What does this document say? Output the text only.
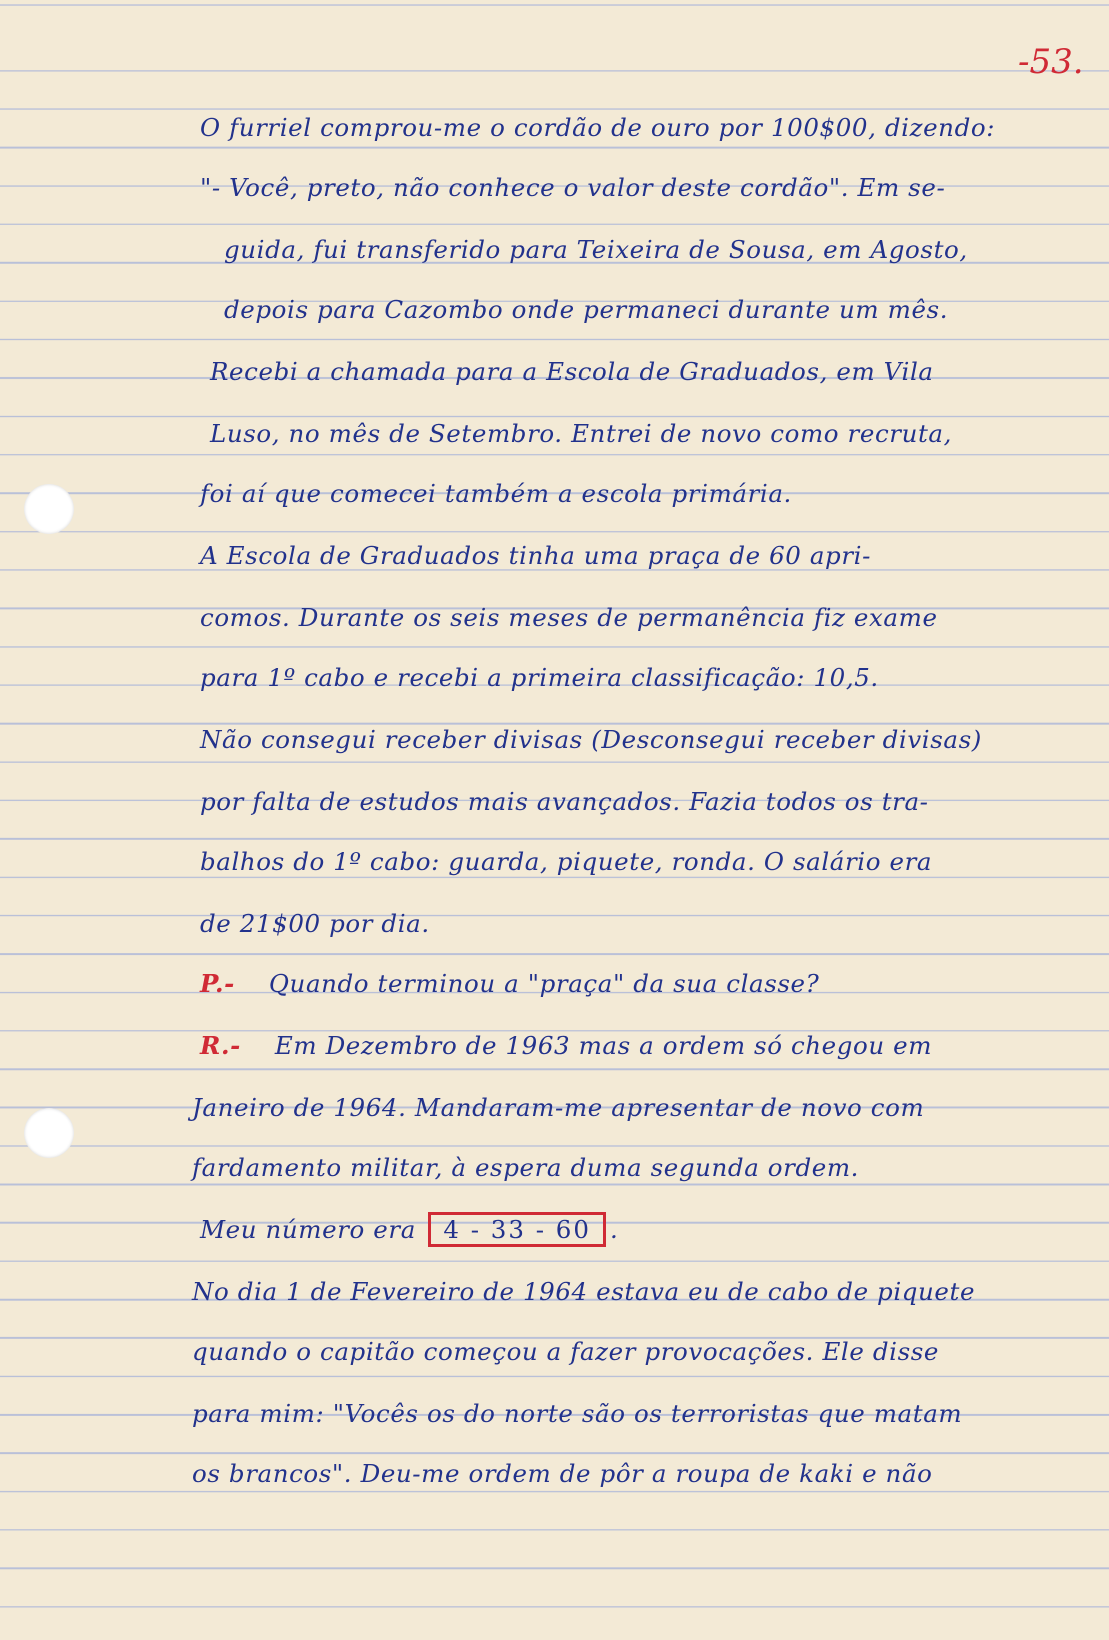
-53.
O furriel comprou-me o cordão de ouro por 100$00, dizendo:
"- Você, preto, não conhece o valor deste cordão". Em se-
guida, fui transferido para Teixeira de Sousa, em Agosto,
depois para Cazombo onde permaneci durante um mês.
Recebi a chamada para a Escola de Graduados, em Vila
Luso, no mês de Setembro. Entrei de novo como recruta,
foi aí que comecei também a escola primária.
A Escola de Graduados tinha uma praça de 60 apri-
comos. Durante os seis meses de permanência fiz exame
para 1º cabo e recebi a primeira classificação: 10,5.
Não consegui receber divisas (Desconsegui receber divisas)
por falta de estudos mais avançados. Fazia todos os tra-
balhos do 1º cabo: guarda, piquete, ronda. O salário era
de 21$00 por dia.
P.- Quando terminou a "praça" da sua classe?
R.- Em Dezembro de 1963 mas a ordem só chegou em
Janeiro de 1964. Mandaram-me apresentar de novo com
fardamento militar, à espera duma segunda ordem.
Meu número era 4 - 33 - 60 .
No dia 1 de Fevereiro de 1964 estava eu de cabo de piquete
quando o capitão começou a fazer provocações. Ele disse
para mim: "Vocês os do norte são os terroristas que matam
os brancos". Deu-me ordem de pôr a roupa de kaki e não
